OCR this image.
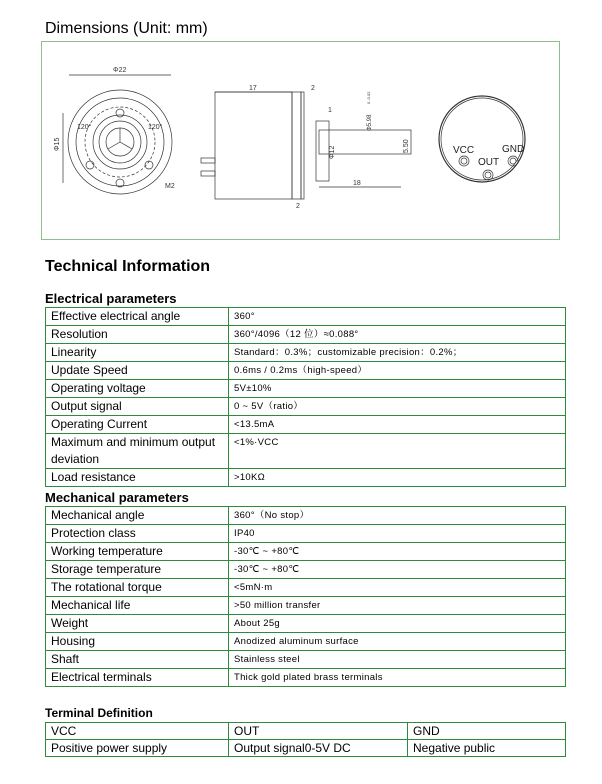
Dimensions (Unit: mm)
Φ22
Φ15
120°	120°
M2
17	2
2
1
Φ5.98
0 -0.02
Φ12
18
5.50	VCC
OUT
GND
Technical Information
Electrical parameters
Effective electrical angle	360°
Resolution	360°/4096（12 位）≈0.088°
Linearity	Standard：0.3%；customizable precision：0.2%；
Update Speed	0.6ms / 0.2ms（high-speed）
Operating voltage	5V±10%
Output signal	0 ~ 5V（ratio）
Operating Current	<13.5mA
Maximum and minimum output deviation	<1%·VCC
Load resistance	>10KΩ
Mechanical parameters
Mechanical angle	360°（No stop）
Protection class	IP40
Working temperature	-30℃ ~ +80℃
Storage temperature	-30℃ ~ +80℃
The rotational torque	<5mN·m
Mechanical life	>50 million transfer
Weight	About 25g
Housing	Anodized aluminum surface
Shaft	Stainless steel
Electrical terminals	Thick gold plated brass terminals
Terminal Definition
VCC	OUT	GND
Positive power supply	Output signal0-5V DC	Negative public
